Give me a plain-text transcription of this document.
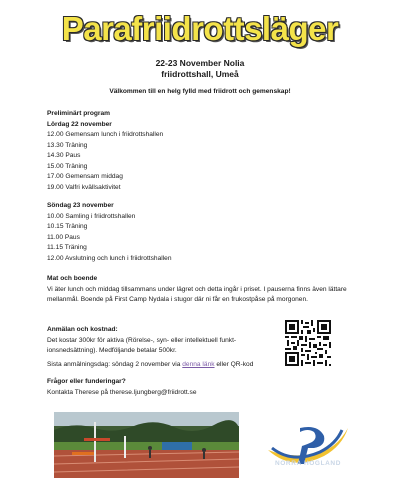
Parafriidrottsläger
22-23 November Nolia
friidrottshall, Umeå
Välkommen till en helg fylld med friidrott och gemenskap!
Preliminärt program
Lördag 22 november
12.00 Gemensam lunch i friidrottshallen
13.30 Träning
14.30 Paus
15.00 Träning
17.00 Gemensam middag
19.00 Valfri kvällsaktivitet
Söndag 23 november
10.00 Samling i friidrottshallen
10.15 Träning
11.00 Paus
11.15 Träning
12.00 Avslutning och lunch i friidrottshallen
Mat och boende
Vi äter lunch och middag tillsammans under lägret och detta ingår i priset. I pauserna finns även lättare mellanmål. Boende på First Camp Nydala i stugor där ni får en frukostpåse på morgonen.
Anmälan och kostnad:
Det kostar 300kr för aktiva (Rörelse-, syn- eller intellektuell funkt-ionsnedsättning). Medföljande betalar 500kr.
Sista anmälningsdag: söndag 2 november via denna länk eller QR-kod
Frågor eller funderingar?
Kontakta Therese på therese.ljungberg@friidrott.se
NORRA HÖGLAND
